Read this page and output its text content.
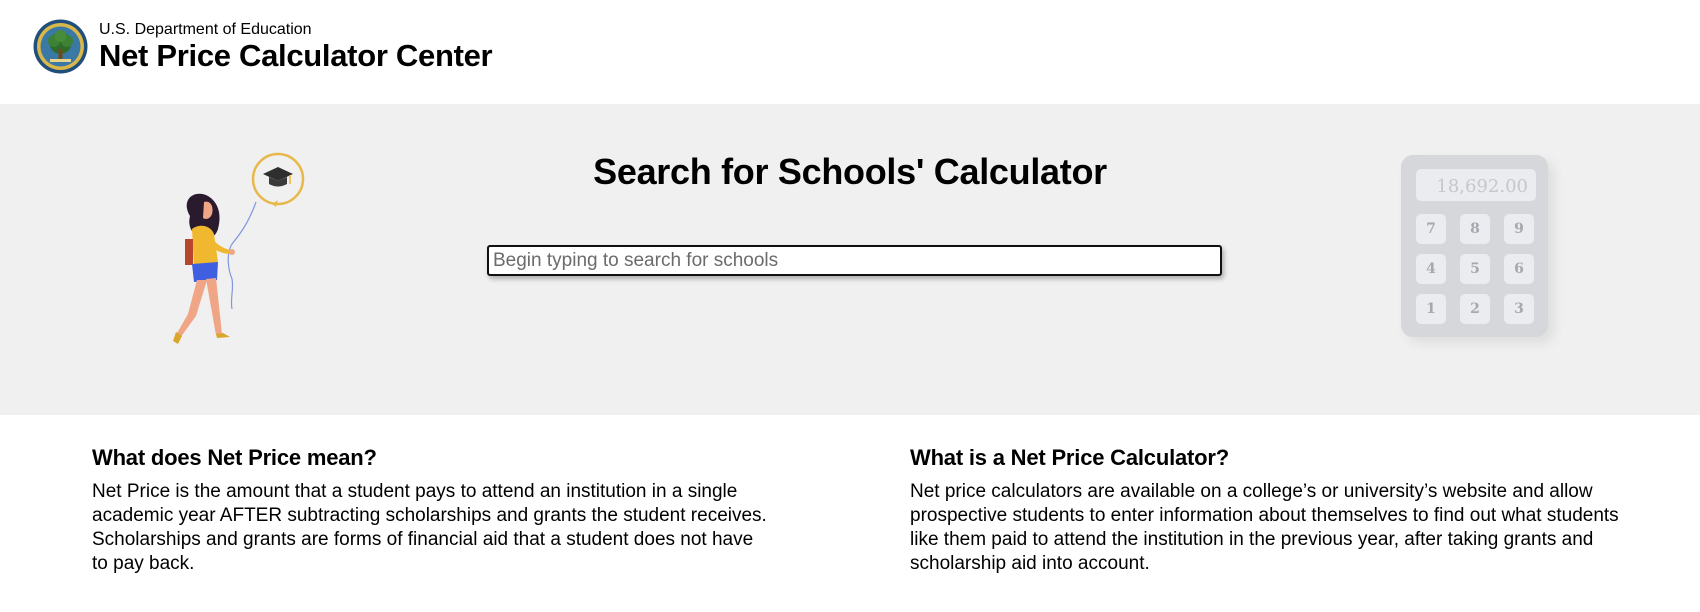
U.S. Department of Education
Net Price Calculator Center
Search for Schools' Calculator
Begin typing to search for schools	18,692.00
7	8	9
4	5	6
1	2	3
What does Net Price mean?

Net Price is the amount that a student pays to attend an institution in a single academic year AFTER subtracting scholarships and grants the student receives. Scholarships and grants are forms of financial aid that a student does not have to pay back.

What is a Net Price Calculator?

Net price calculators are available on a college’s or university’s website and allow prospective students to enter information about themselves to find out what students like them paid to attend the institution in the previous year, after taking grants and scholarship aid into account.
